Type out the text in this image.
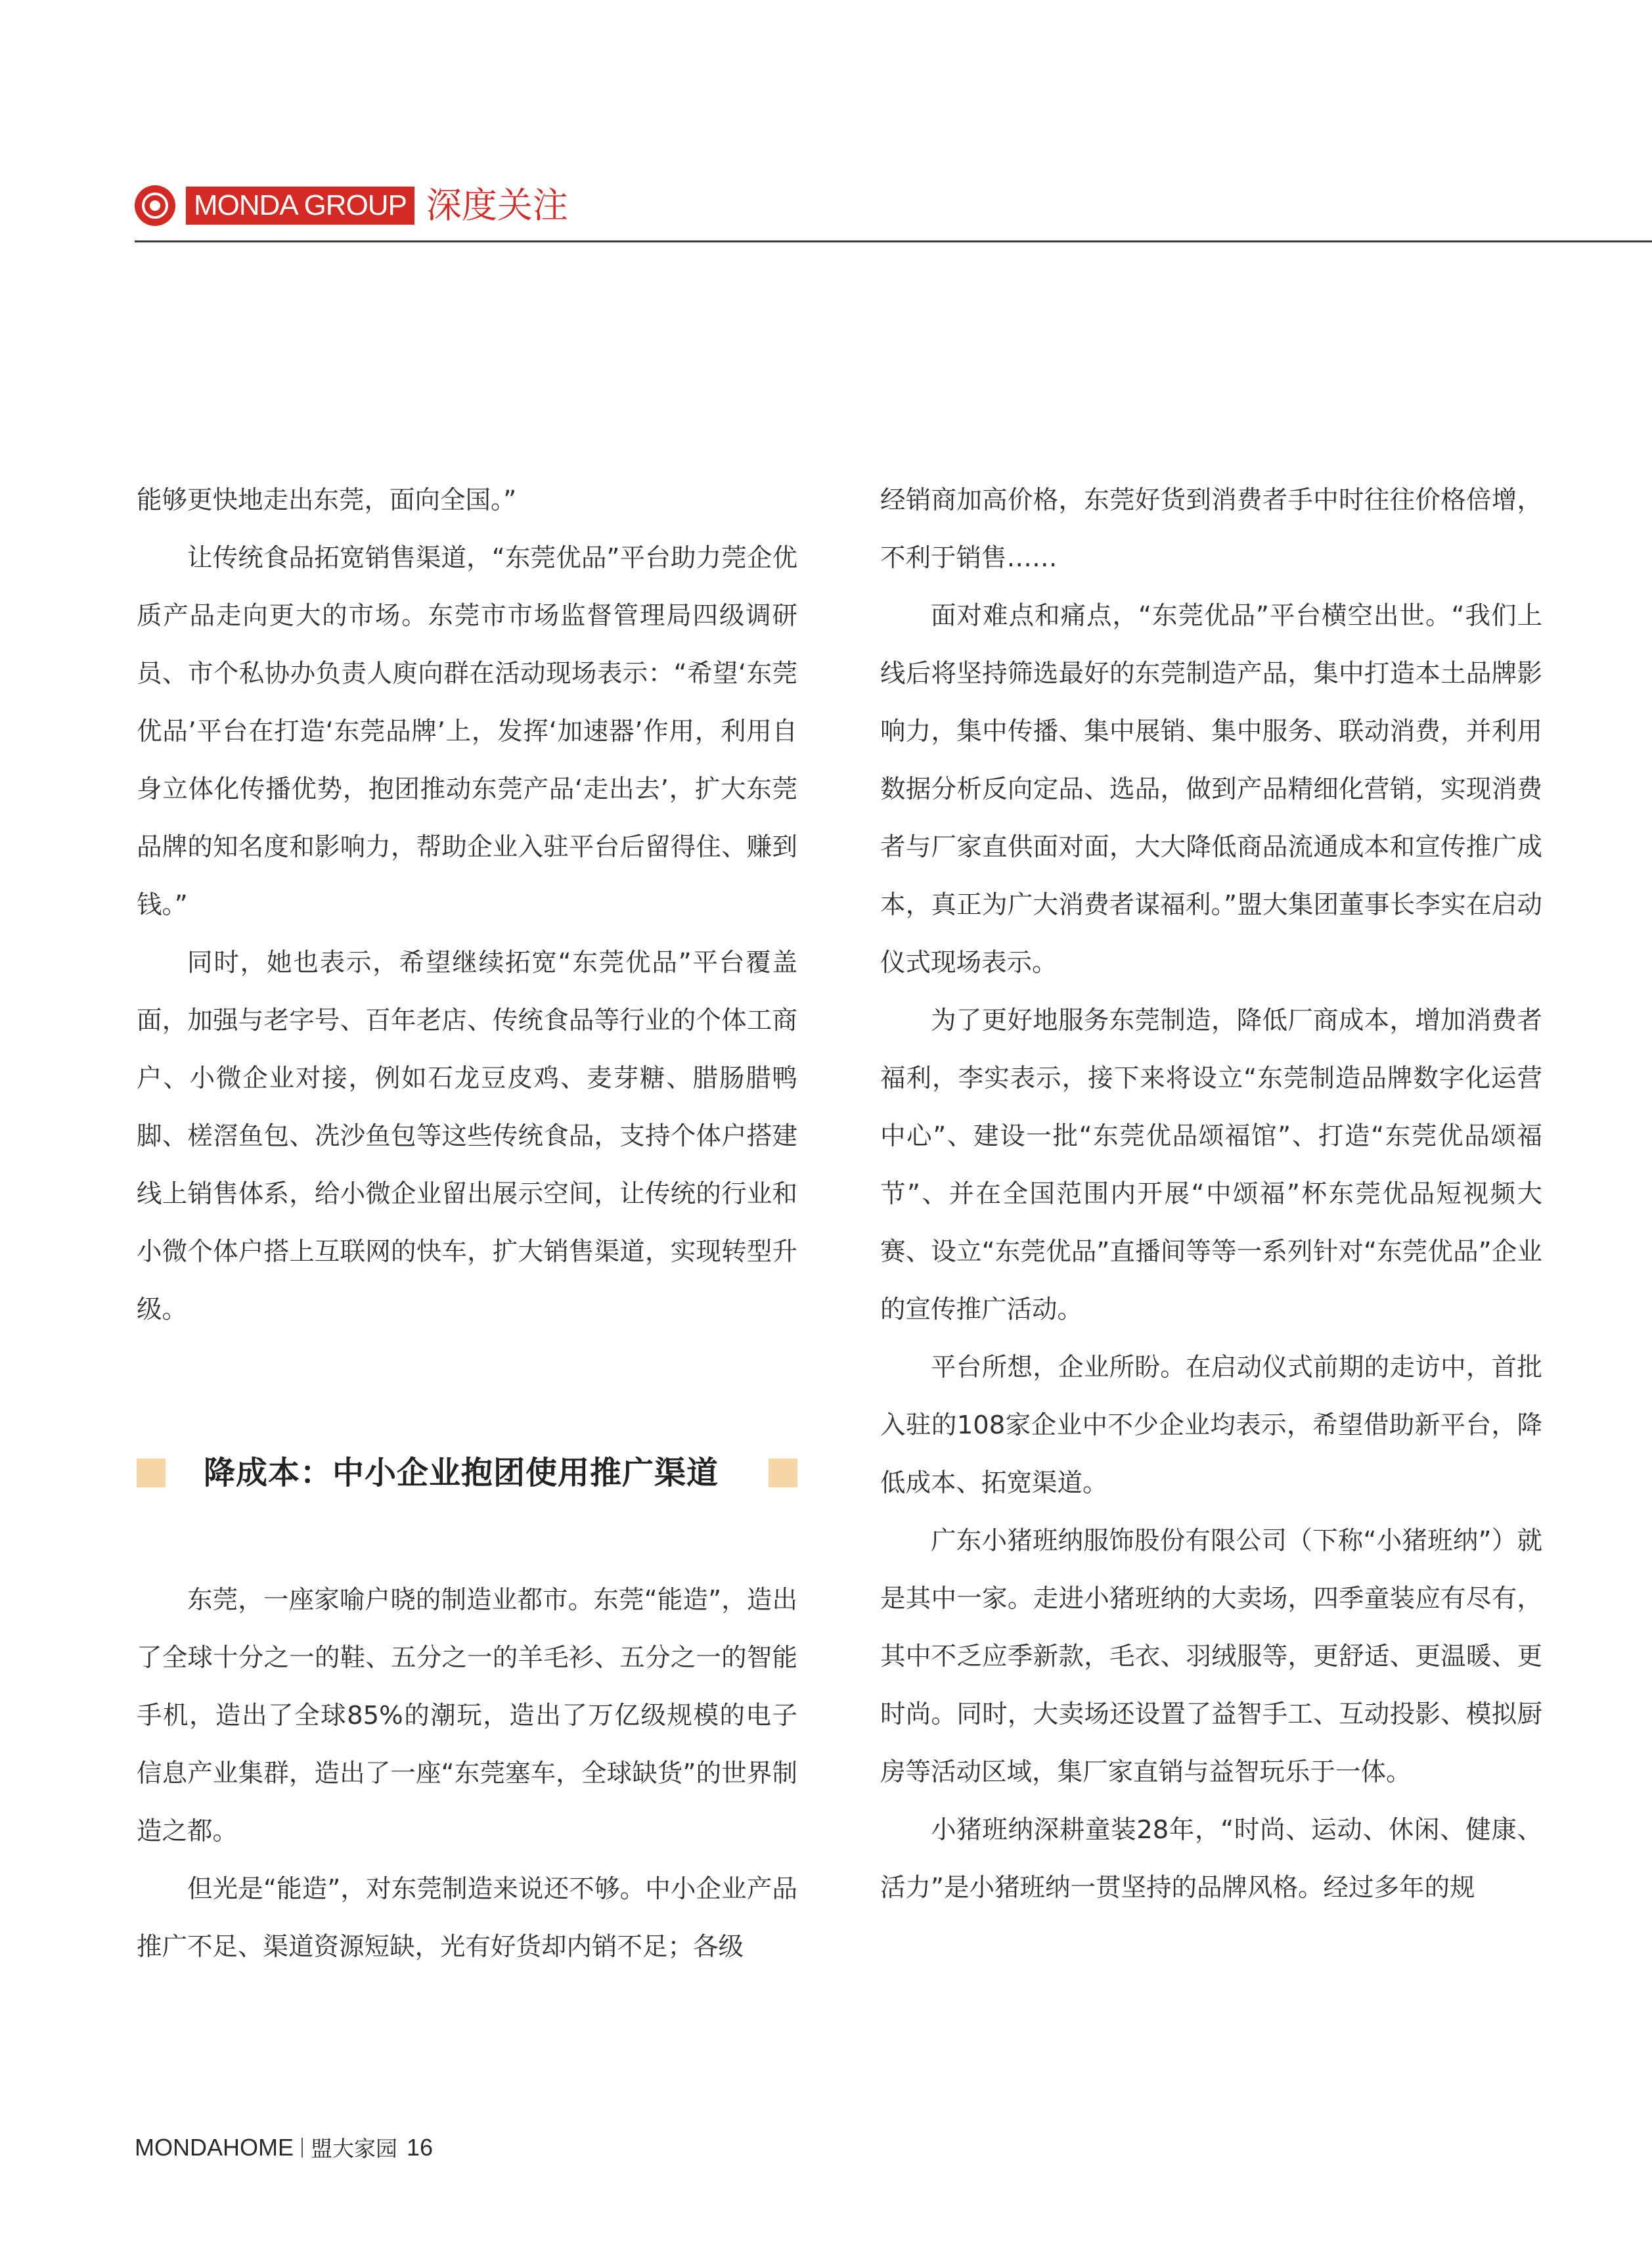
MONDA GROUP 深度关注

能够更快地走出东莞，面向全国。”

让传统食品拓宽销售渠道，“东莞优品”平台助力莞企优质产品走向更大的市场。东莞市市场监督管理局四级调研员、市个私协办负责人庾向群在活动现场表示：“希望‘东莞优品’平台在打造‘东莞品牌’上，发挥‘加速器’作用，利用自身立体化传播优势，抱团推动东莞产品‘走出去’，扩大东莞品牌的知名度和影响力，帮助企业入驻平台后留得住、赚到钱。”

同时，她也表示，希望继续拓宽“东莞优品”平台覆盖面，加强与老字号、百年老店、传统食品等行业的个体工商户、小微企业对接，例如石龙豆皮鸡、麦芽糖、腊肠腊鸭脚、槎滘鱼包、冼沙鱼包等这些传统食品，支持个体户搭建线上销售体系，给小微企业留出展示空间，让传统的行业和小微个体户搭上互联网的快车，扩大销售渠道，实现转型升级。

降成本：中小企业抱团使用推广渠道

东莞，一座家喻户晓的制造业都市。东莞“能造”，造出了全球十分之一的鞋、五分之一的羊毛衫、五分之一的智能手机，造出了全球85%的潮玩，造出了万亿级规模的电子信息产业集群，造出了一座“东莞塞车，全球缺货”的世界制造之都。

但光是“能造”，对东莞制造来说还不够。中小企业产品推广不足、渠道资源短缺，光有好货却内销不足；各级

经销商加高价格，东莞好货到消费者手中时往往价格倍增，不利于销售……

面对难点和痛点，“东莞优品”平台横空出世。“我们上线后将坚持筛选最好的东莞制造产品，集中打造本土品牌影响力，集中传播、集中展销、集中服务、联动消费，并利用数据分析反向定品、选品，做到产品精细化营销，实现消费者与厂家直供面对面，大大降低商品流通成本和宣传推广成本，真正为广大消费者谋福利。”盟大集团董事长李实在启动仪式现场表示。

为了更好地服务东莞制造，降低厂商成本，增加消费者福利，李实表示，接下来将设立“东莞制造品牌数字化运营中心”、建设一批“东莞优品颂福馆”、打造“东莞优品颂福节”、并在全国范围内开展“中颂福”杯东莞优品短视频大赛、设立“东莞优品”直播间等等一系列针对“东莞优品”企业的宣传推广活动。

平台所想，企业所盼。在启动仪式前期的走访中，首批入驻的108家企业中不少企业均表示，希望借助新平台，降低成本、拓宽渠道。

广东小猪班纳服饰股份有限公司（下称“小猪班纳”）就是其中一家。走进小猪班纳的大卖场，四季童装应有尽有，其中不乏应季新款，毛衣、羽绒服等，更舒适、更温暖、更时尚。同时，大卖场还设置了益智手工、互动投影、模拟厨房等活动区域，集厂家直销与益智玩乐于一体。

小猪班纳深耕童装28年，“时尚、运动、休闲、健康、活力”是小猪班纳一贯坚持的品牌风格。经过多年的规

MONDAHOME 盟大家园 16
